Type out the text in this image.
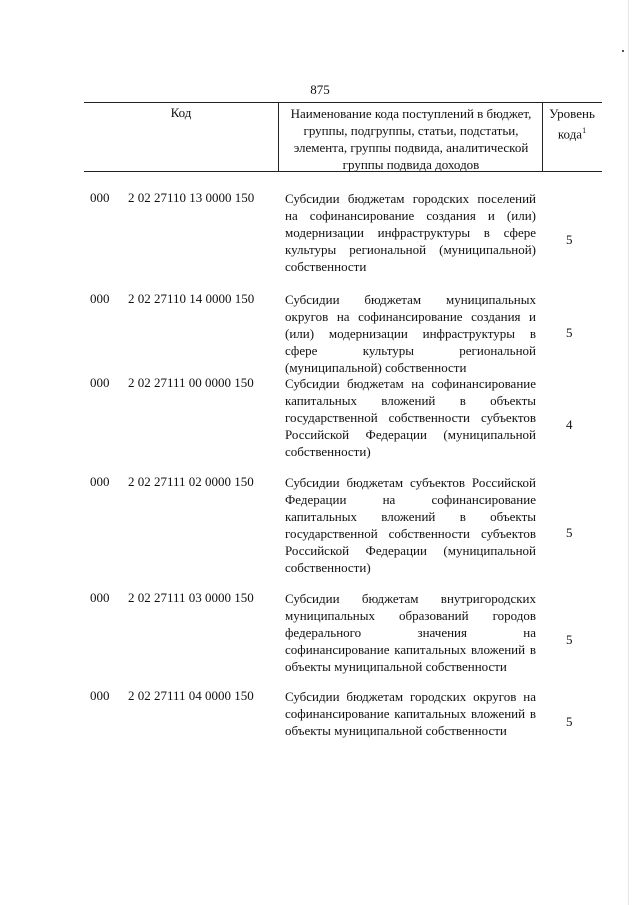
875
Код	Наименование кода поступлений в бюджет, группы, подгруппы, статьи, подстатьи, элемента, группы подвида, аналитической группы подвида доходов
Уровень кода$^1$
000 2 02 27110 13 0000 150 Субсидии бюджетам городских поселений на софинансирование создания и (или) модернизации инфраструктуры в сфере культуры региональной (муниципальной) собственности
5
000 2 02 27110 14 0000 150 Субсидии бюджетам муниципальных округов на софинансирование создания и (или) модернизации инфраструктуры в сфере культуры региональной (муниципальной) собственности
5
000 2 02 27111 00 0000 150 Субсидии бюджетам на софинансирование капитальных вложений в объекты государственной собственности субъектов Российской Федерации (муниципальной собственности)
4
000 2 02 27111 02 0000 150 Субсидии бюджетам субъектов Российской Федерации на софинансирование капитальных вложений в объекты государственной собственности субъектов Российской Федерации (муниципальной собственности)
5
000 2 02 27111 03 0000 150 Субсидии бюджетам внутригородских муниципальных образований городов федерального значения на софинансирование капитальных вложений в объекты муниципальной собственности
5
000 2 02 27111 04 0000 150 Субсидии бюджетам городских округов на софинансирование капитальных вложений в объекты муниципальной собственности
5
